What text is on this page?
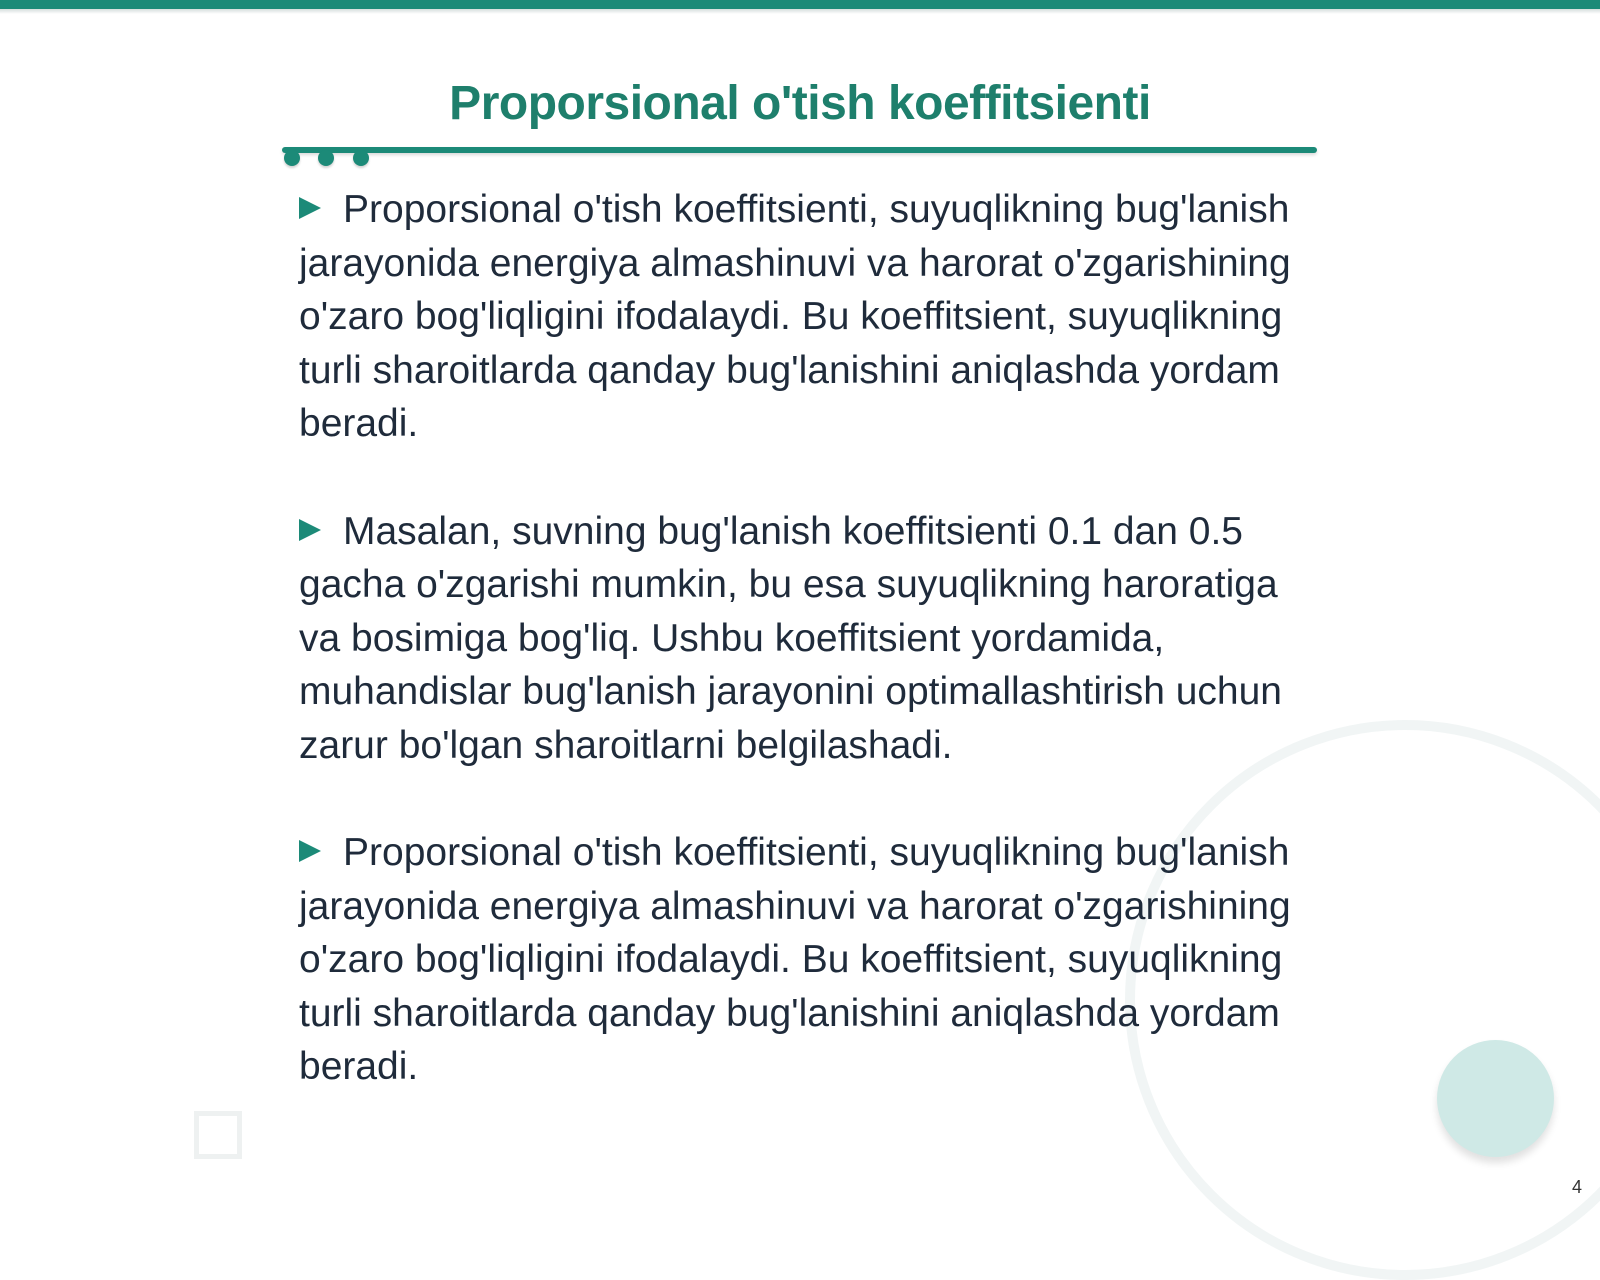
Proporsional o'tish koeffitsienti

Proporsional o'tish koeffitsienti, suyuqlikning bug'lanish jarayonida energiya almashinuvi va harorat o'zgarishining o'zaro bog'liqligini ifodalaydi. Bu koeffitsient, suyuqlikning turli sharoitlarda qanday bug'lanishini aniqlashda yordam beradi.

Masalan, suvning bug'lanish koeffitsienti 0.1 dan 0.5 gacha o'zgarishi mumkin, bu esa suyuqlikning haroratiga va bosimiga bog'liq. Ushbu koeffitsient yordamida, muhandislar bug'lanish jarayonini optimallashtirish uchun zarur bo'lgan sharoitlarni belgilashadi.

Proporsional o'tish koeffitsienti, suyuqlikning bug'lanish jarayonida energiya almashinuvi va harorat o'zgarishining o'zaro bog'liqligini ifodalaydi. Bu koeffitsient, suyuqlikning turli sharoitlarda qanday bug'lanishini aniqlashda yordam beradi.

4
